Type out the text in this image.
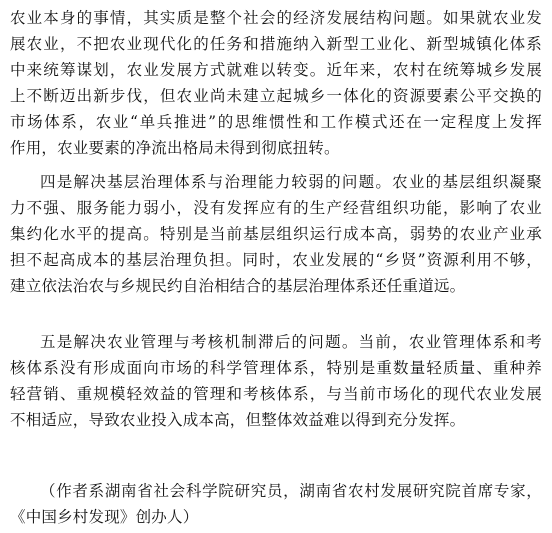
农业本身的事情，其实质是整个社会的经济发展结构问题。如果就农业发
展农业，不把农业现代化的任务和措施纳入新型工业化、新型城镇化体系
中来统筹谋划，农业发展方式就难以转变。近年来，农村在统筹城乡发展
上不断迈出新步伐，但农业尚未建立起城乡一体化的资源要素公平交换的
市场体系，农业“单兵推进”的思维惯性和工作模式还在一定程度上发挥
作用，农业要素的净流出格局未得到彻底扭转。
四是解决基层治理体系与治理能力较弱的问题。农业的基层组织凝聚
力不强、服务能力弱小，没有发挥应有的生产经营组织功能，影响了农业
集约化水平的提高。特别是当前基层组织运行成本高，弱势的农业产业承
担不起高成本的基层治理负担。同时，农业发展的“乡贤”资源利用不够，
建立依法治农与乡规民约自治相结合的基层治理体系还任重道远。
五是解决农业管理与考核机制滞后的问题。当前，农业管理体系和考
核体系没有形成面向市场的科学管理体系，特别是重数量轻质量、重种养
轻营销、重规模轻效益的管理和考核体系，与当前市场化的现代农业发展
不相适应，导致农业投入成本高，但整体效益难以得到充分发挥。
（作者系湖南省社会科学院研究员，湖南省农村发展研究院首席专家，
《中国乡村发现》创办人）
